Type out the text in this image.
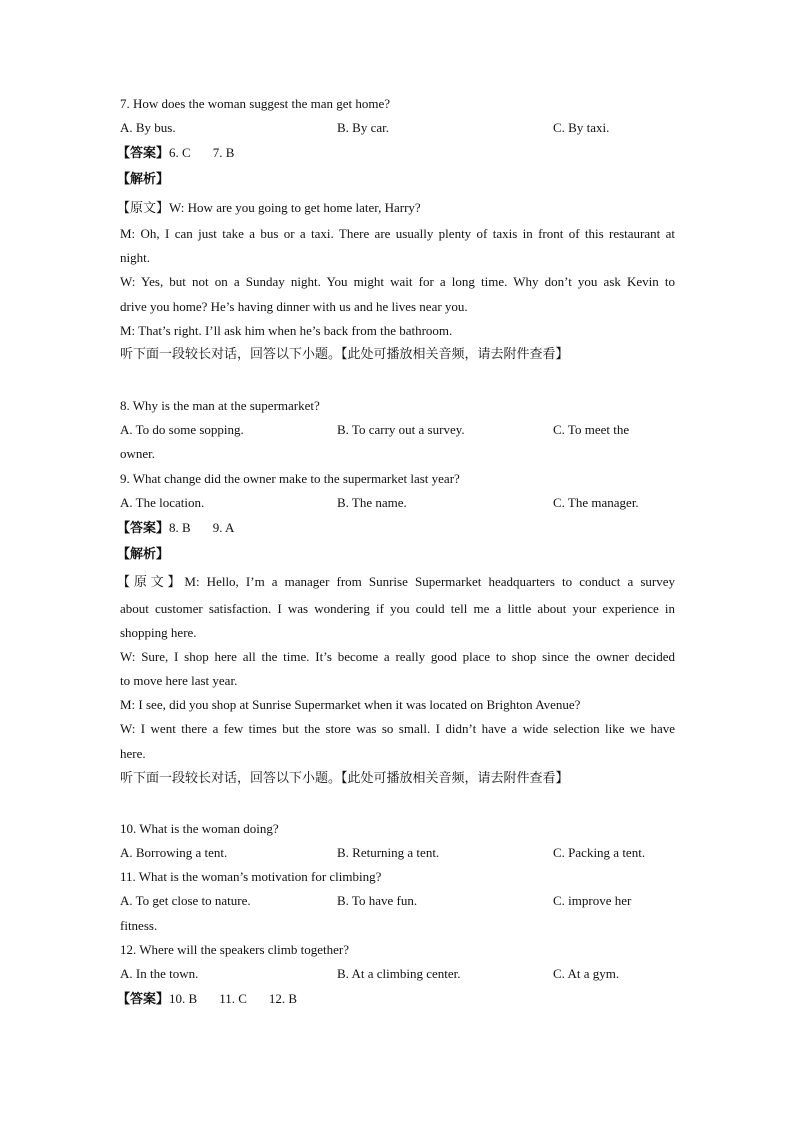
7. How does the woman suggest the man get home?
A. By bus.	B. By car.	C. By taxi.
【答案】6. C 7. B
【解析】
【原文】W: How are you going to get home later, Harry?
M: Oh, I can just take a bus or a taxi. There are usually plenty of taxis in front of this restaurant at
night.
W: Yes, but not on a Sunday night. You might wait for a long time. Why don’t you ask Kevin to
drive you home? He’s having dinner with us and he lives near you.
M: That’s right. I’ll ask him when he’s back from the bathroom.
听下面一段较长对话，回答以下小题。【此处可播放相关音频，请去附件查看】
8. Why is the man at the supermarket?
A. To do some sopping.	B. To carry out a survey.	C. To meet the
owner.
9. What change did the owner make to the supermarket last year?
A. The location.	B. The name.	C. The manager.
【答案】8. B 9. A
【解析】
【原文】M: Hello, I’m a manager from Sunrise Supermarket headquarters to conduct a survey
about customer satisfaction. I was wondering if you could tell me a little about your experience in
shopping here.
W: Sure, I shop here all the time. It’s become a really good place to shop since the owner decided
to move here last year.
M: I see, did you shop at Sunrise Supermarket when it was located on Brighton Avenue?
W: I went there a few times but the store was so small. I didn’t have a wide selection like we have
here.
听下面一段较长对话，回答以下小题。【此处可播放相关音频，请去附件查看】
10. What is the woman doing?
A. Borrowing a tent.	B. Returning a tent.	C. Packing a tent.
11. What is the woman’s motivation for climbing?
A. To get close to nature.	B. To have fun.	C. improve her
fitness.
12. Where will the speakers climb together?
A. In the town.	B. At a climbing center.	C. At a gym.
【答案】10. B 11. C 12. B
